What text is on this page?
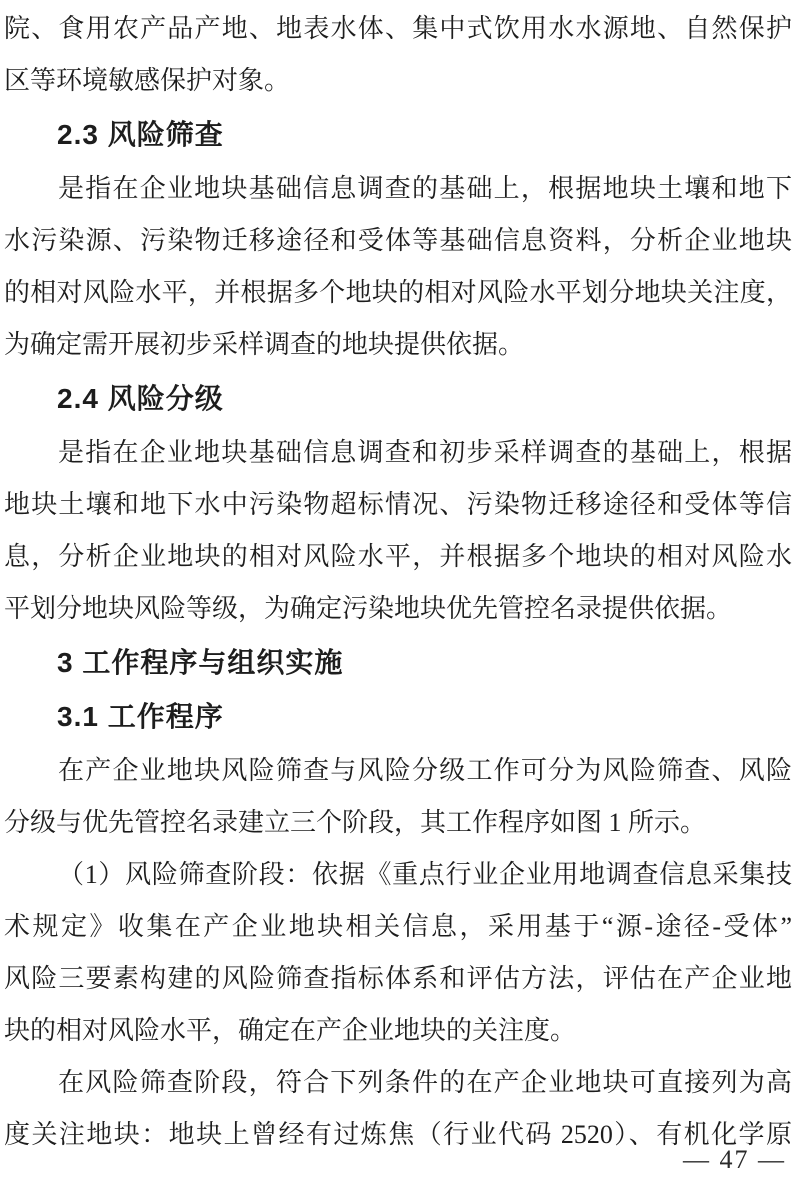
院、食用农产品产地、地表水体、集中式饮用水水源地、自然保护
区等环境敏感保护对象。
2.3 风险筛查
是指在企业地块基础信息调查的基础上，根据地块土壤和地下
水污染源、污染物迁移途径和受体等基础信息资料，分析企业地块
的相对风险水平，并根据多个地块的相对风险水平划分地块关注度，
为确定需开展初步采样调查的地块提供依据。
2.4 风险分级
是指在企业地块基础信息调查和初步采样调查的基础上，根据
地块土壤和地下水中污染物超标情况、污染物迁移途径和受体等信
息，分析企业地块的相对风险水平，并根据多个地块的相对风险水
平划分地块风险等级，为确定污染地块优先管控名录提供依据。
3 工作程序与组织实施
3.1 工作程序
在产企业地块风险筛查与风险分级工作可分为风险筛查、风险
分级与优先管控名录建立三个阶段，其工作程序如图 1 所示。
（1）风险筛查阶段：依据《重点行业企业用地调查信息采集技
术规定》收集在产企业地块相关信息，采用基于“源-途径-受体”
风险三要素构建的风险筛查指标体系和评估方法，评估在产企业地
块的相对风险水平，确定在产企业地块的关注度。
在风险筛查阶段，符合下列条件的在产企业地块可直接列为高
度关注地块：地块上曾经有过炼焦（行业代码 2520）、有机化学原
— 47 —
